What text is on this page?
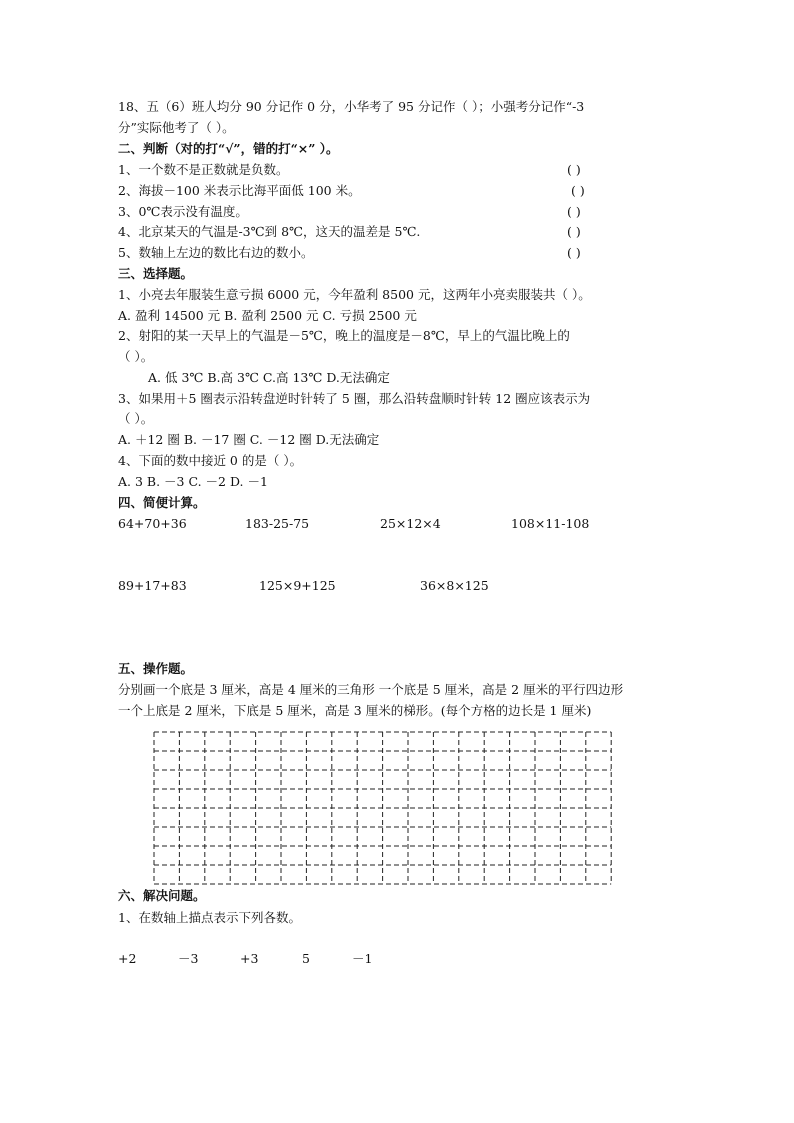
18、五（6）班人均分 90 分记作 0 分，小华考了 95 分记作（ ）；小强考分记作“-3
分”实际他考了（ ）。
二、判断（对的打“√”，错的打“×” ）。
1、一个数不是正数就是负数。	( )
2、海拔－100 米表示比海平面低 100 米。	( )
3、0℃表示没有温度。	( )
4、北京某天的气温是-3℃到 8℃，这天的温差是 5℃.	( )
5、数轴上左边的数比右边的数小。	( )
三、选择题。
1、小亮去年服装生意亏损 6000 元，今年盈利 8500 元，这两年小亮卖服装共（ ）。
A. 盈利 14500 元 B. 盈利 2500 元 C. 亏损 2500 元
2、射阳的某一天早上的气温是－5℃，晚上的温度是－8℃，早上的气温比晚上的
（ ）。
A. 低 3℃ B.高 3℃ C.高 13℃ D.无法确定
3、如果用＋5 圈表示沿转盘逆时针转了 5 圈，那么沿转盘顺时针转 12 圈应该表示为
（ ）。
A. ＋12 圈 B. －17 圈 C. －12 圈 D.无法确定
4、下面的数中接近 0 的是（ ）。
A. 3 B. －3 C. －2 D. －1
四、简便计算。
64+70+36	183-25-75	25×12×4	108×11-108
89+17+83	125×9+125	36×8×125
五、操作题。
分别画一个底是 3 厘米，高是 4 厘米的三角形 一个底是 5 厘米，高是 2 厘米的平行四边形
一个上底是 2 厘米，下底是 5 厘米，高是 3 厘米的梯形。(每个方格的边长是 1 厘米)
六、解决问题。
1、在数轴上描点表示下列各数。
+2	－3	+3	5	－1
